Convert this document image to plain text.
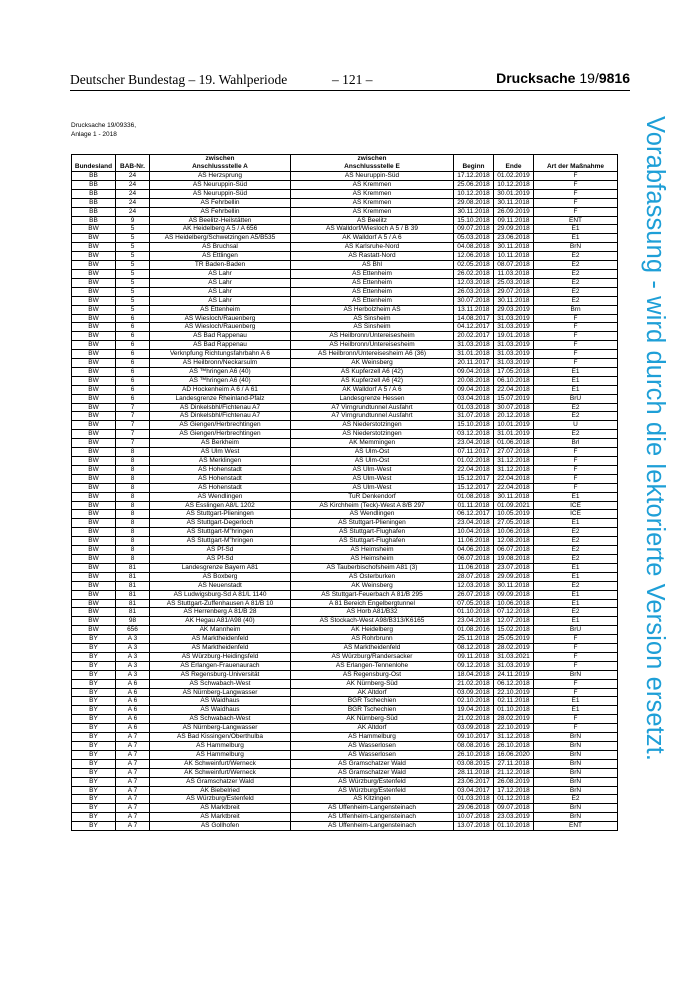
Deutscher Bundestag – 19. Wahlperiode	– 121 –	Drucksache 19/9816
Drucksache 19/09336,
Anlage 1 - 2018	Vorabfassung - wird durch die lektorierte Version ersetzt.
		zwischen	zwischen			
Bundesland	BAB-Nr.	Anschlussstelle A	Anschlussstelle E	Beginn	Ende	Art der Maßnahme
BB	24	AS Herzsprung	AS Neuruppin-Süd	17.12.2018	01.02.2019	F
BB	24	AS Neuruppin-Süd	AS Kremmen	25.06.2018	10.12.2018	F
BB	24	AS Neuruppin-Süd	AS Kremmen	10.12.2018	30.01.2019	F
BB	24	AS Fehrbellin	AS Kremmen	29.08.2018	30.11.2018	F
BB	24	AS Fehrbellin	AS Kremmen	30.11.2018	26.09.2019	F
BB	9	AS Beelitz-Heilstätten	AS Beelitz	15.10.2018	09.11.2018	ENT
BW	5	AK Heidelberg A 5 / A 656	AS Walldorf/Wiesloch A 5 / B 39	09.07.2018	29.09.2018	E1
BW	5	AS Heidelberg/Schwetzingen A5/B535	AK Walldorf A 5 / A 6	05.03.2018	23.06.2018	E1
BW	5	AS Bruchsal	AS Karlsruhe-Nord	04.08.2018	30.11.2018	BrN
BW	5	AS Ettlingen	AS Rastatt-Nord	12.06.2018	10.11.2018	E2
BW	5	TR Baden-Baden	AS Bhl	02.05.2018	08.07.2018	E2
BW	5	AS Lahr	AS Ettenheim	26.02.2018	11.03.2018	E2
BW	5	AS Lahr	AS Ettenheim	12.03.2018	25.03.2018	E2
BW	5	AS Lahr	AS Ettenheim	26.03.2018	29.07.2018	E2
BW	5	AS Lahr	AS Ettenheim	30.07.2018	30.11.2018	E2
BW	5	AS Ettenheim	AS Herbolzheim AS	13.11.2018	29.03.2019	Brn
BW	6	AS Wiesloch/Rauenberg	AS Sinsheim	14.08.2017	31.03.2019	F
BW	6	AS Wiesloch/Rauenberg	AS Sinsheim	04.12.2017	31.03.2019	F
BW	6	AS Bad Rappenau	AS Heilbronn/Untereisesheim	20.02.2017	19.01.2018	F
BW	6	AS Bad Rappenau	AS Heilbronn/Untereisesheim	31.03.2018	31.03.2019	F
BW	6	Verknpfung Richtungsfahrbahn A 6	AS Heilbronn/Untereisesheim A6 (36)	31.01.2018	31.03.2019	F
BW	6	AS Heilbronn/Neckarsulm	AK Weinsberg	20.11.2017	31.03.2019	F
BW	6	AS ™hringen A6 (40)	AS Kupferzell A6 (42)	09.04.2018	17.05.2018	E1
BW	6	AS ™hringen A6 (40)	AS Kupferzell A6 (42)	20.08.2018	06.10.2018	E1
BW	6	AD Hockenheim A 6 / A 61	AK Walldorf A 5 / A 6	09.04.2018	22.04.2018	E1
BW	6	Landesgrenze Rheinland-Pfalz	Landesgrenze Hessen	03.04.2018	15.07.2019	BrU
BW	7	AS Dinkelsbhl/Fichtenau A7	A7 Virngrundtunnel Ausfahrt	01.03.2018	30.07.2018	E2
BW	7	AS Dinkelsbhl/Fichtenau A7	A7 Virngrundtunnel Ausfahrt	31.07.2018	20.12.2018	E2
BW	7	AS Giengen/Herbrechtingen	AS Niederstotzingen	15.10.2018	10.01.2019	U
BW	7	AS Giengen/Herbrechtingen	AS Niederstotzingen	03.12.2018	31.01.2019	E2
BW	7	AS Berkheim	AK Memmingen	23.04.2018	01.06.2018	Brl
BW	8	AS Ulm West	AS Ulm-Ost	07.11.2017	27.07.2018	F
BW	8	AS Merklingen	AS Ulm-Ost	01.02.2018	31.12.2018	F
BW	8	AS Hohenstadt	AS Ulm-West	22.04.2018	31.12.2018	F
BW	8	AS Hohenstadt	AS Ulm-West	15.12.2017	22.04.2018	F
BW	8	AS Hohenstadt	AS Ulm-West	15.12.2017	22.04.2018	F
BW	8	AS Wendlingen	TuR Denkendorf	01.08.2018	30.11.2018	E1
BW	8	AS Esslingen A8/L 1202	AS Kirchheim (Teck)-West A 8/B 297	01.11.2018	01.09.2021	ICE
BW	8	AS Stuttgart-Plieningen	AS Wendlingen	06.12.2017	10.05.2019	ICE
BW	8	AS Stuttgart-Degerloch	AS Stuttgart-Plieningen	23.04.2018	27.05.2018	E1
BW	8	AS Stuttgart-M”hringen	AS Stuttgart-Flughafen	10.04.2018	10.06.2018	E2
BW	8	AS Stuttgart-M”hringen	AS Stuttgart-Flughafen	11.06.2018	12.08.2018	E2
BW	8	AS Pf-Sd	AS Heimsheim	04.06.2018	06.07.2018	E2
BW	8	AS Pf-Sd	AS Heimsheim	06.07.2018	19.08.2018	E2
BW	81	Landesgrenze Bayern A81	AS Tauberbischofsheim A81 (3)	11.06.2018	23.07.2018	E1
BW	81	AS Boxberg	AS Osterburken	28.07.2018	29.09.2018	E1
BW	81	AS Neuenstadt	AK Weinsberg	12.03.2018	30.11.2018	E2
BW	81	AS Ludwigsburg-Sd A 81/L 1140	AS Stuttgart-Feuerbach A 81/B 295	26.07.2018	09.09.2018	E1
BW	81	AS Stuttgart-Zuffenhausen A 81/B 10	A 81 Bereich Engelbergtunnel	07.05.2018	10.06.2018	E1
BW	81	AS Herrenberg A 81/B 28	AS Horb A81/B32	01.10.2018	07.12.2018	E2
BW	98	AK Hegau A81/A98 (40)	AS Stockach-West A98/B313/K6165	23.04.2018	12.07.2018	E1
BW	656	AK Mannheim	AK Heidelberg	01.08.2016	15.02.2018	BrU
BY	A 3	AS Marktheidenfeld	AS Rohrbrunn	25.11.2018	25.05.2019	F
BY	A 3	AS Marktheidenfeld	AS Marktheidenfeld	08.12.2018	28.02.2019	F
BY	A 3	AS Würzburg-Heidingsfeld	AS Würzburg/Randersacker	09.11.2018	31.03.2021	F
BY	A 3	AS Erlangen-Frauenaurach	AS Erlangen-Tennenlohe	09.12.2018	31.03.2019	F
BY	A 3	AS Regensburg-Universität	AS Regensburg-Ost	18.04.2018	24.11.2019	BrN
BY	A 6	AS Schwabach-West	AK Nürnberg-Süd	21.02.2018	06.12.2018	F
BY	A 6	AS Nürnberg-Langwasser	AK Altdorf	03.09.2018	22.10.2019	F
BY	A 6	AS Waidhaus	BGR Tschechien	02.10.2018	02.11.2018	E1
BY	A 6	AS Waidhaus	BGR Tschechien	19.04.2018	01.10.2018	E1
BY	A 6	AS Schwabach-West	AK Nürnberg-Süd	21.02.2018	28.02.2019	F
BY	A 6	AS Nürnberg-Langwasser	AK Altdorf	03.09.2018	22.10.2019	F
BY	A 7	AS Bad Kissingen/Oberthulba	AS Hammelburg	09.10.2017	31.12.2018	BrN
BY	A 7	AS Hammelburg	AS Wasserlosen	08.08.2016	26.10.2018	BrN
BY	A 7	AS Hammelburg	AS Wasserlosen	26.10.2018	16.06.2020	BrN
BY	A 7	AK Schweinfurt/Werneck	AS Gramschatzer Wald	03.08.2015	27.11.2018	BrN
BY	A 7	AK Schweinfurt/Werneck	AS Gramschatzer Wald	28.11.2018	21.12.2018	BrN
BY	A 7	AS Gramschatzer Wald	AS Würzburg/Estenfeld	23.06.2017	26.08.2019	BrN
BY	A 7	AK Biebelried	AS Würzburg/Estenfeld	03.04.2017	17.12.2018	BrN
BY	A 7	AS Würzburg/Estenfeld	AS Kitzingen	01.03.2018	01.12.2018	E2
BY	A 7	AS Marktbreit	AS Uffenheim-Langensteinach	29.06.2018	09.07.2018	BrN
BY	A 7	AS Marktbreit	AS Uffenheim-Langensteinach	10.07.2018	23.03.2019	BrN
BY	A 7	AS Gollhofen	AS Uffenheim-Langensteinach	13.07.2018	01.10.2018	ENT
